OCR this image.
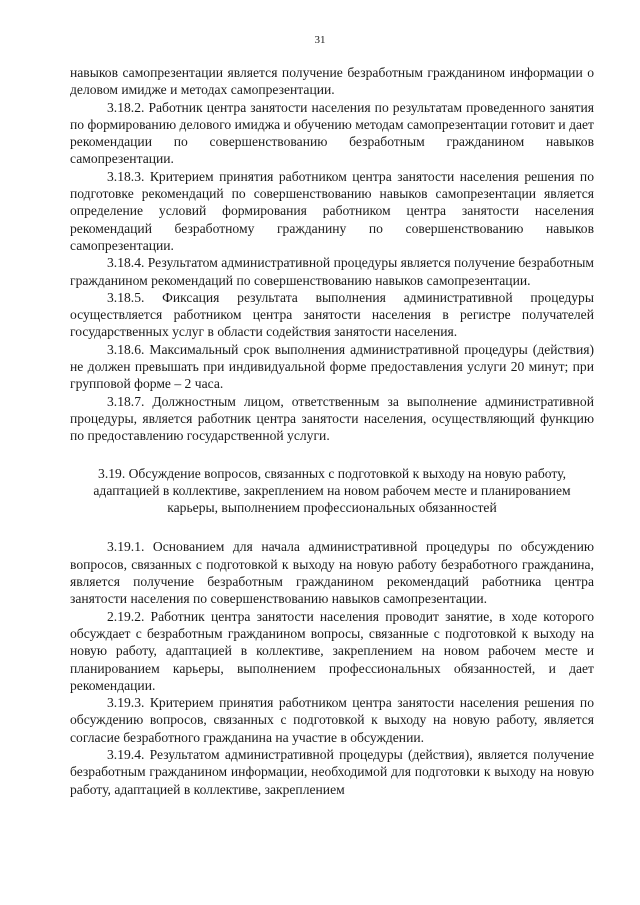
31

навыков самопрезентации является получение безработным гражданином информации о деловом имидже и методах самопрезентации.

3.18.2. Работник центра занятости населения по результатам проведенного занятия по формированию делового имиджа и обучению методам самопрезентации готовит и дает рекомендации по совершенствованию безработным гражданином навыков самопрезентации.

3.18.3. Критерием принятия работником центра занятости населения решения по подготовке рекомендаций по совершенствованию навыков самопрезентации является определение условий формирования работником центра занятости населения рекомендаций безработному гражданину по совершенствованию навыков самопрезентации.

3.18.4. Результатом административной процедуры является получение безработным гражданином рекомендаций по совершенствованию навыков самопрезентации.

3.18.5. Фиксация результата выполнения административной процедуры осуществляется работником центра занятости населения в регистре получателей государственных услуг в области содействия занятости населения.

3.18.6. Максимальный срок выполнения административной процедуры (действия) не должен превышать при индивидуальной форме предоставления услуги 20 минут; при групповой форме – 2 часа.

3.18.7. Должностным лицом, ответственным за выполнение административной процедуры, является работник центра занятости населения, осуществляющий функцию по предоставлению государственной услуги.

3.19. Обсуждение вопросов, связанных с подготовкой к выходу на новую работу, адаптацией в коллективе, закреплением на новом рабочем месте и планированием карьеры, выполнением профессиональных обязанностей

3.19.1. Основанием для начала административной процедуры по обсуждению вопросов, связанных с подготовкой к выходу на новую работу безработного гражданина, является получение безработным гражданином рекомендаций работника центра занятости населения по совершенствованию навыков самопрезентации.

2.19.2. Работник центра занятости населения проводит занятие, в ходе которого обсуждает с безработным гражданином вопросы, связанные с подготовкой к выходу на новую работу, адаптацией в коллективе, закреплением на новом рабочем месте и планированием карьеры, выполнением профессиональных обязанностей, и дает рекомендации.

3.19.3. Критерием принятия работником центра занятости населения решения по обсуждению вопросов, связанных с подготовкой к выходу на новую работу, является согласие безработного гражданина на участие в обсуждении.

3.19.4. Результатом административной процедуры (действия), является получение безработным гражданином информации, необходимой для подготовки к выходу на новую работу, адаптацией в коллективе, закреплением
